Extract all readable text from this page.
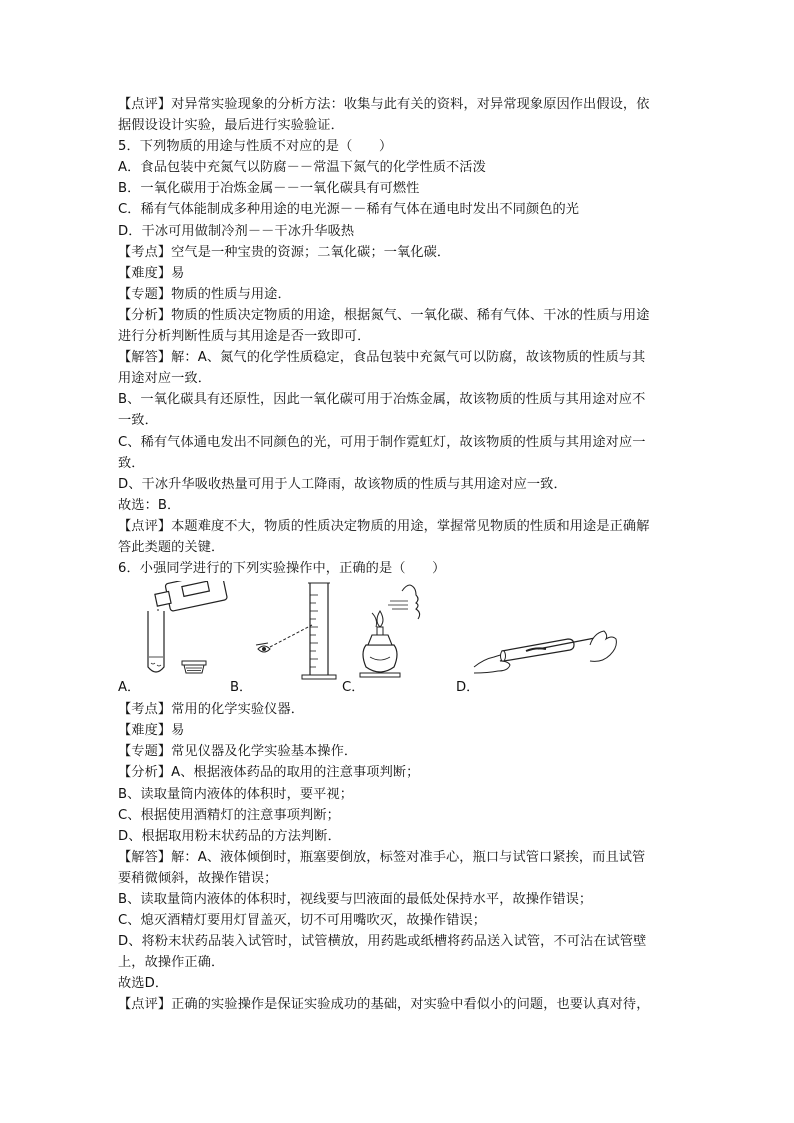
【点评】对异常实验现象的分析方法：收集与此有关的资料，对异常现象原因作出假设，依
据假设设计实验，最后进行实验验证．
5．下列物质的用途与性质不对应的是（　　）
A．食品包装中充氮气以防腐－－常温下氮气的化学性质不活泼
B．一氧化碳用于冶炼金属－－一氧化碳具有可燃性
C．稀有气体能制成多种用途的电光源－－稀有气体在通电时发出不同颜色的光
D．干冰可用做制冷剂－－干冰升华吸热
【考点】空气是一种宝贵的资源；二氧化碳；一氧化碳．
【难度】易
【专题】物质的性质与用途．
【分析】物质的性质决定物质的用途，根据氮气、一氧化碳、稀有气体、干冰的性质与用途
进行分析判断性质与其用途是否一致即可．
【解答】解：A、氮气的化学性质稳定，食品包装中充氮气可以防腐，故该物质的性质与其
用途对应一致．
B、一氧化碳具有还原性，因此一氧化碳可用于冶炼金属，故该物质的性质与其用途对应不
一致．
C、稀有气体通电发出不同颜色的光，可用于制作霓虹灯，故该物质的性质与其用途对应一
致．
D、干冰升华吸收热量可用于人工降雨，故该物质的性质与其用途对应一致．
故选：B．
【点评】本题难度不大，物质的性质决定物质的用途，掌握常见物质的性质和用途是正确解
答此类题的关键．
6．小强同学进行的下列实验操作中，正确的是（　　）
A．	B．	C．	D．
【考点】常用的化学实验仪器．
【难度】易
【专题】常见仪器及化学实验基本操作．
【分析】A、根据液体药品的取用的注意事项判断；
B、读取量筒内液体的体积时，要平视；
C、根据使用酒精灯的注意事项判断；
D、根据取用粉末状药品的方法判断．
【解答】解：A、液体倾倒时，瓶塞要倒放，标签对准手心，瓶口与试管口紧挨，而且试管
要稍微倾斜，故操作错误；
B、读取量筒内液体的体积时，视线要与凹液面的最低处保持水平，故操作错误；
C、熄灭酒精灯要用灯冒盖灭，切不可用嘴吹灭，故操作错误；
D、将粉末状药品装入试管时，试管横放，用药匙或纸槽将药品送入试管，不可沾在试管壁
上，故操作正确．
故选D．
【点评】正确的实验操作是保证实验成功的基础，对实验中看似小的问题，也要认真对待，
